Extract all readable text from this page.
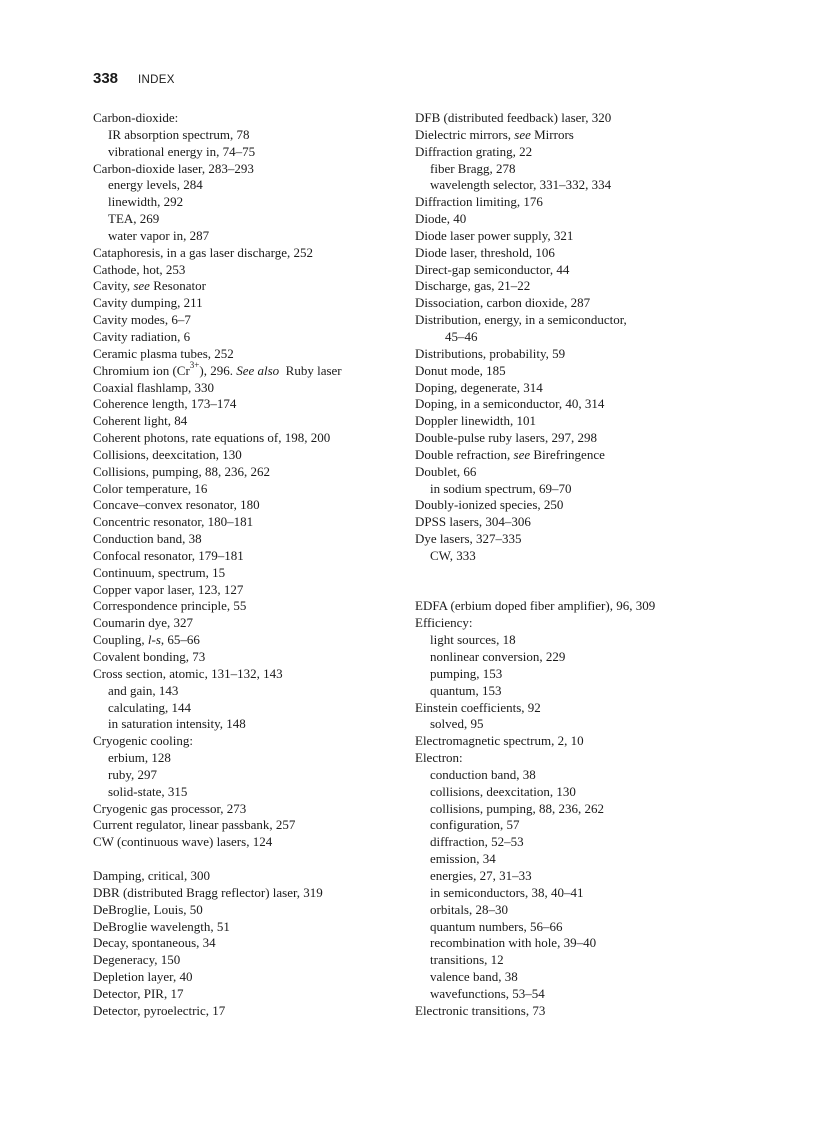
338 INDEX
Carbon-dioxide:
IR absorption spectrum, 78
vibrational energy in, 74–75
Carbon-dioxide laser, 283–293
energy levels, 284
linewidth, 292
TEA, 269
water vapor in, 287
Cataphoresis, in a gas laser discharge, 252
Cathode, hot, 253
Cavity, see Resonator
Cavity dumping, 211
Cavity modes, 6–7
Cavity radiation, 6
Ceramic plasma tubes, 252
Chromium ion $(Cr^{3+})$, 296. See also  Ruby laser
Coaxial flashlamp, 330
Coherence length, 173–174
Coherent light, 84
Coherent photons, rate equations of, 198, 200
Collisions, deexcitation, 130
Collisions, pumping, 88, 236, 262
Color temperature, 16
Concave–convex resonator, 180
Concentric resonator, 180–181
Conduction band, 38
Confocal resonator, 179–181
Continuum, spectrum, 15
Copper vapor laser, 123, 127
Correspondence principle, 55
Coumarin dye, 327
Coupling, l-s, 65–66
Covalent bonding, 73
Cross section, atomic, 131–132, 143
and gain, 143
calculating, 144
in saturation intensity, 148
Cryogenic cooling:
erbium, 128
ruby, 297
solid-state, 315
Cryogenic gas processor, 273
Current regulator, linear passbank, 257
CW (continuous wave) lasers, 124
Damping, critical, 300
DBR (distributed Bragg reflector) laser, 319
DeBroglie, Louis, 50
DeBroglie wavelength, 51
Decay, spontaneous, 34
Degeneracy, 150
Depletion layer, 40
Detector, PIR, 17
Detector, pyroelectric, 17
DFB (distributed feedback) laser, 320
Dielectric mirrors, see Mirrors
Diffraction grating, 22
fiber Bragg, 278
wavelength selector, 331–332, 334
Diffraction limiting, 176
Diode, 40
Diode laser power supply, 321
Diode laser, threshold, 106
Direct-gap semiconductor, 44
Discharge, gas, 21–22
Dissociation, carbon dioxide, 287
Distribution, energy, in a semiconductor,
45–46
Distributions, probability, 59
Donut mode, 185
Doping, degenerate, 314
Doping, in a semiconductor, 40, 314
Doppler linewidth, 101
Double-pulse ruby lasers, 297, 298
Double refraction, see Birefringence
Doublet, 66
in sodium spectrum, 69–70
Doubly-ionized species, 250
DPSS lasers, 304–306
Dye lasers, 327–335
CW, 333
EDFA (erbium doped fiber amplifier), 96, 309
Efficiency:
light sources, 18
nonlinear conversion, 229
pumping, 153
quantum, 153
Einstein coefficients, 92
solved, 95
Electromagnetic spectrum, 2, 10
Electron:
conduction band, 38
collisions, deexcitation, 130
collisions, pumping, 88, 236, 262
configuration, 57
diffraction, 52–53
emission, 34
energies, 27, 31–33
in semiconductors, 38, 40–41
orbitals, 28–30
quantum numbers, 56–66
recombination with hole, 39–40
transitions, 12
valence band, 38
wavefunctions, 53–54
Electronic transitions, 73
